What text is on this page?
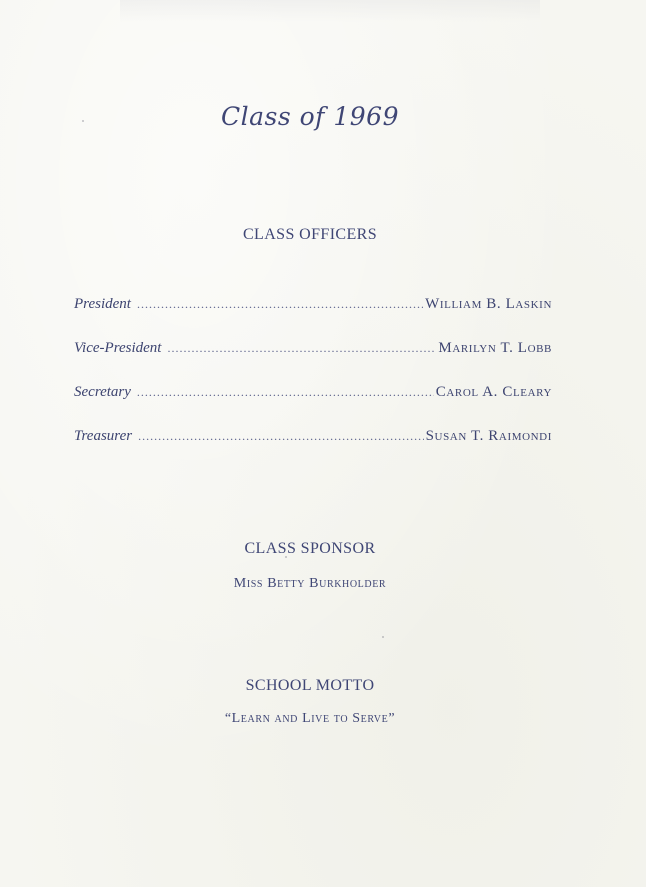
Class of 1969
CLASS OFFICERS
President .....	William B. Laskin
Vice-President .....	Marilyn T. Lobb
Secretary .....	Carol A. Cleary
Treasurer .....	Susan T. Raimondi
CLASS SPONSOR
Miss Betty Burkholder
SCHOOL MOTTO
“Learn and Live to Serve”
